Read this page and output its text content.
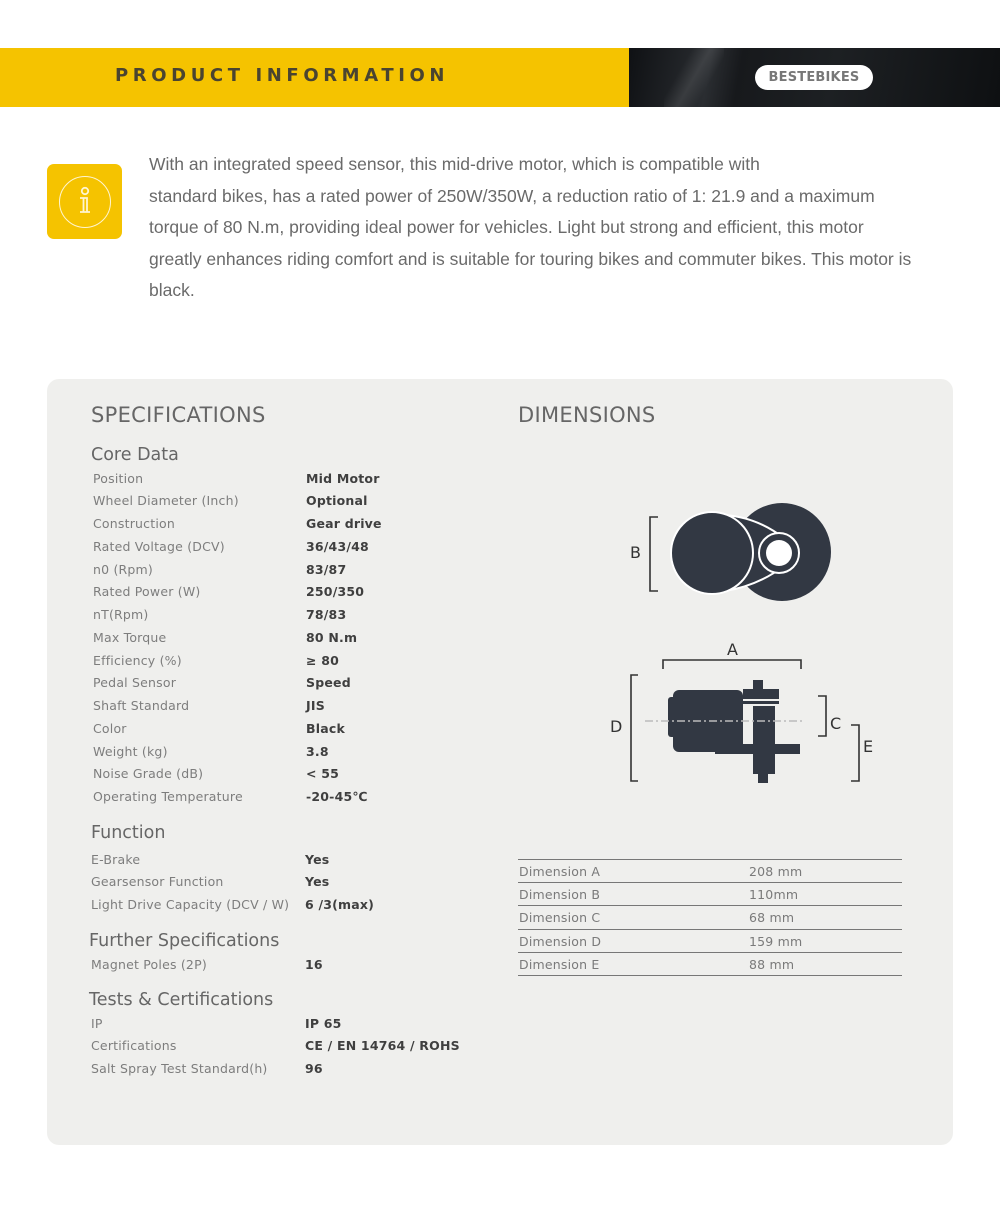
PRODUCT INFORMATION	BESTEBIKES
With an integrated speed sensor, this mid-drive motor, which is compatible with
standard bikes, has a rated power of 250W/350W, a reduction ratio of 1: 21.9 and a maximum
torque of 80 N.m, providing ideal power for vehicles. Light but strong and efficient, this motor
greatly enhances riding comfort and is suitable for touring bikes and commuter bikes. This motor is
black.
SPECIFICATIONS	DIMENSIONS
Core Data
Position	Mid Motor
Wheel Diameter (Inch)	Optional
Construction	Gear drive
Rated Voltage (DCV)	36/43/48
n0 (Rpm)	83/87
Rated Power (W)	250/350
nT(Rpm)	78/83
Max Torque	80 N.m
Efficiency (%)	≥ 80
Pedal Sensor	Speed
Shaft Standard	JIS
Color	Black
Weight (kg)	3.8
Noise Grade (dB)	< 55
Operating Temperature	-20-45℃
Function
E-Brake	Yes
Gearsensor Function	Yes
Light Drive Capacity (DCV / W) 6 /3(max)
Further Specifications
Magnet Poles (2P)	16
Tests & Certifications
IP	IP 65
Certifications	CE / EN 14764 / ROHS
Salt Spray Test Standard(h)	96
B
A
D	C
E
Dimension A	208 mm
Dimension B	110mm
Dimension C	68 mm
Dimension D	159 mm
Dimension E	88 mm
